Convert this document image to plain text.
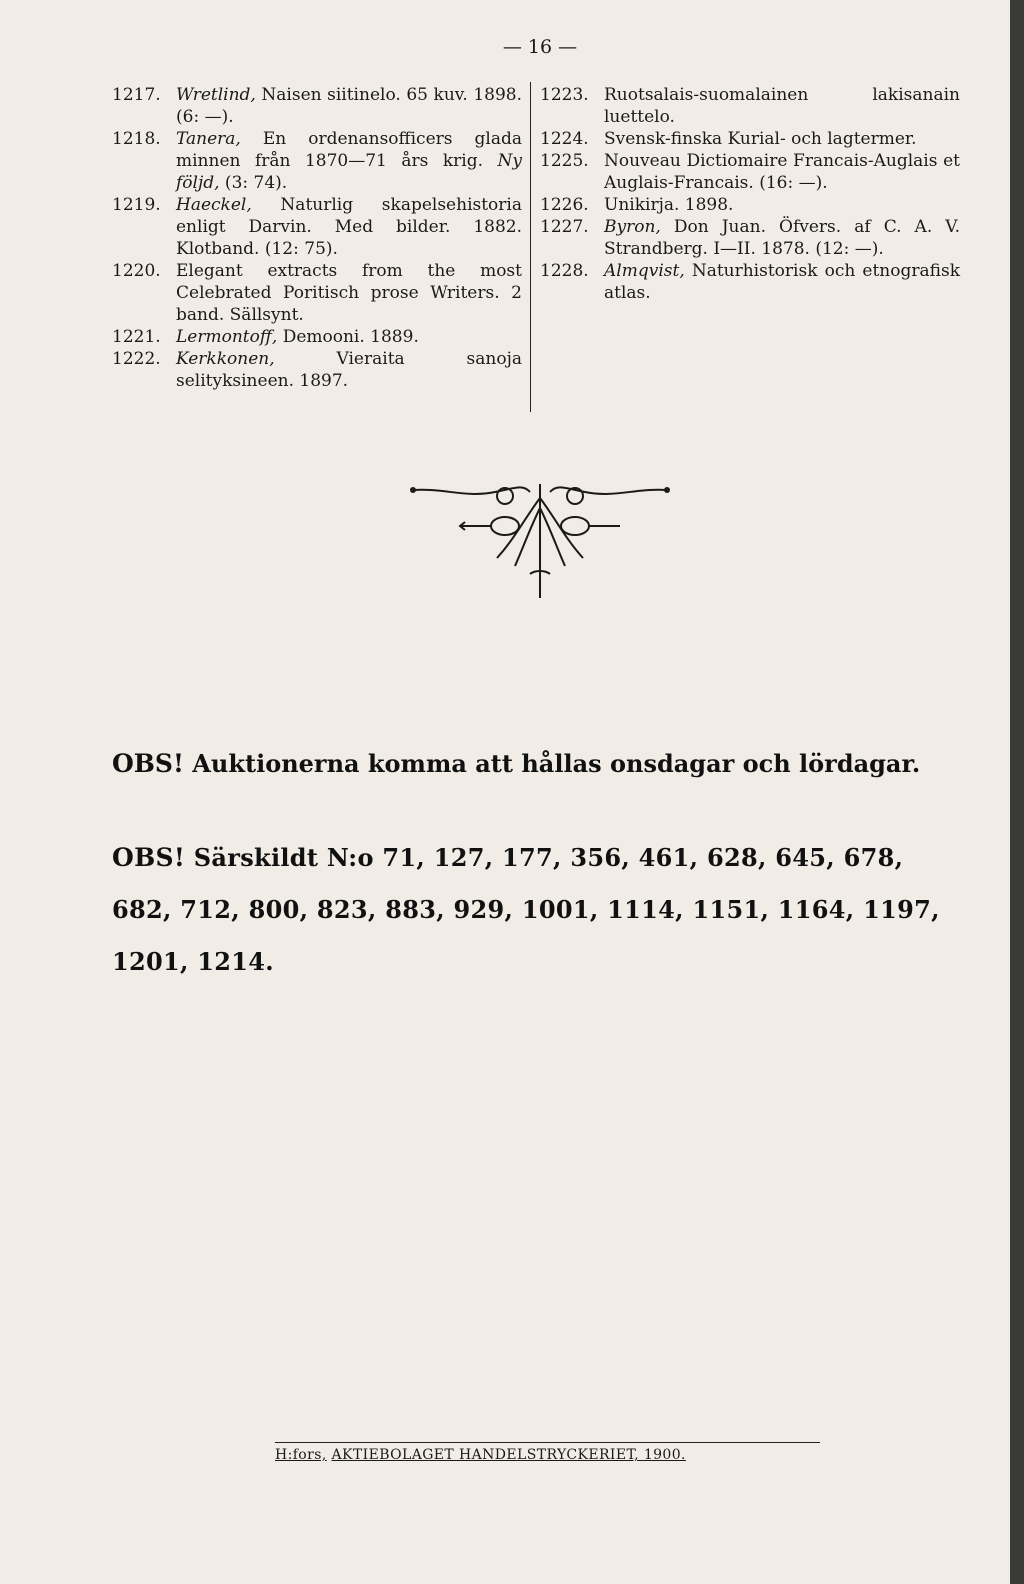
— 16 —
1217. Wretlind, Naisen siitinelo. 65 kuv. 1898. (6: —).
1218. Tanera, En ordenansofficers glada minnen från 1870—71 års krig. Ny följd, (3: 74).
1219. Haeckel, Naturlig skapelsehistoria enligt Darvin. Med bilder. 1882. Klotband. (12: 75).
1220. Elegant extracts from the most Celebrated Poritisch prose Writers. 2 band. Sällsynt.
1221. Lermontoff, Demooni. 1889.
1222. Kerkkonen, Vieraita sanoja selityksineen. 1897.
1223. Ruotsalais-suomalainen lakisanain luettelo.
1224. Svensk-finska Kurial- och lagtermer.
1225. Nouveau Dictiomaire Francais-Auglais et Auglais-Francais. (16: —).
1226. Unikirja. 1898.
1227. Byron, Don Juan. Öfvers. af C. A. V. Strandberg. I—II. 1878. (12: —).
1228. Almqvist, Naturhistorisk och etnografisk atlas.
OBS! Auktionerna komma att hållas onsdagar och lördagar.
OBS! Särskildt N:o 71, 127, 177, 356, 461, 628, 645, 678, 682, 712, 800, 823, 883, 929, 1001, 1114, 1151, 1164, 1197, 1201, 1214.
H:fors, AKTIEBOLAGET HANDELSTRYCKERIET, 1900.
